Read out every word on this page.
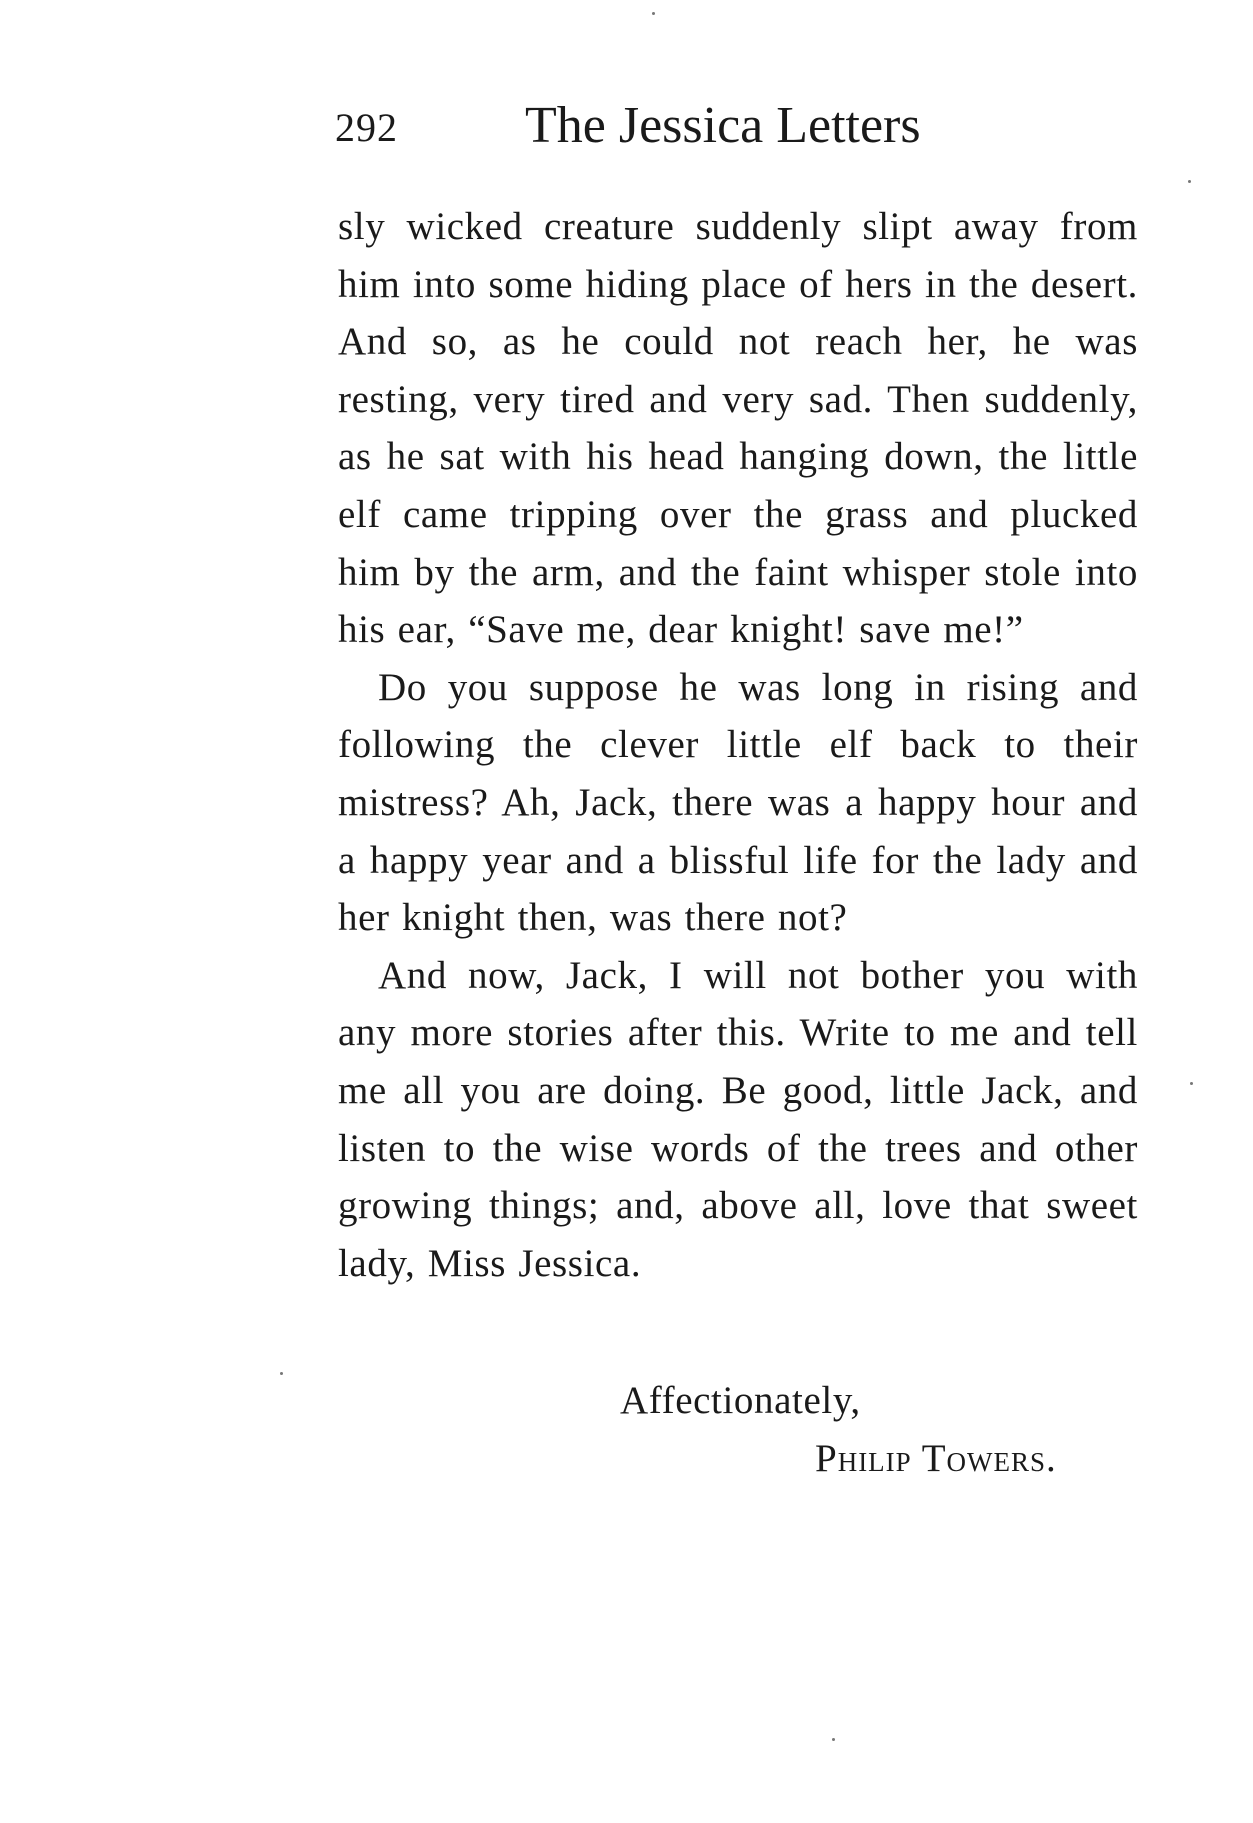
292 The Jessica Letters

sly wicked creature suddenly slipt away from him into some hiding place of hers in the desert. And so, as he could not reach her, he was resting, very tired and very sad. Then suddenly, as he sat with his head hanging down, the little elf came tripping over the grass and plucked him by the arm, and the faint whisper stole into his ear, “Save me, dear knight! save me!”

Do you suppose he was long in rising and following the clever little elf back to their mistress? Ah, Jack, there was a happy hour and a happy year and a blissful life for the lady and her knight then, was there not?

And now, Jack, I will not bother you with any more stories after this. Write to me and tell me all you are doing. Be good, little Jack, and listen to the wise words of the trees and other growing things; and, above all, love that sweet lady, Miss Jessica.

Affectionately,
Philip Towers.
